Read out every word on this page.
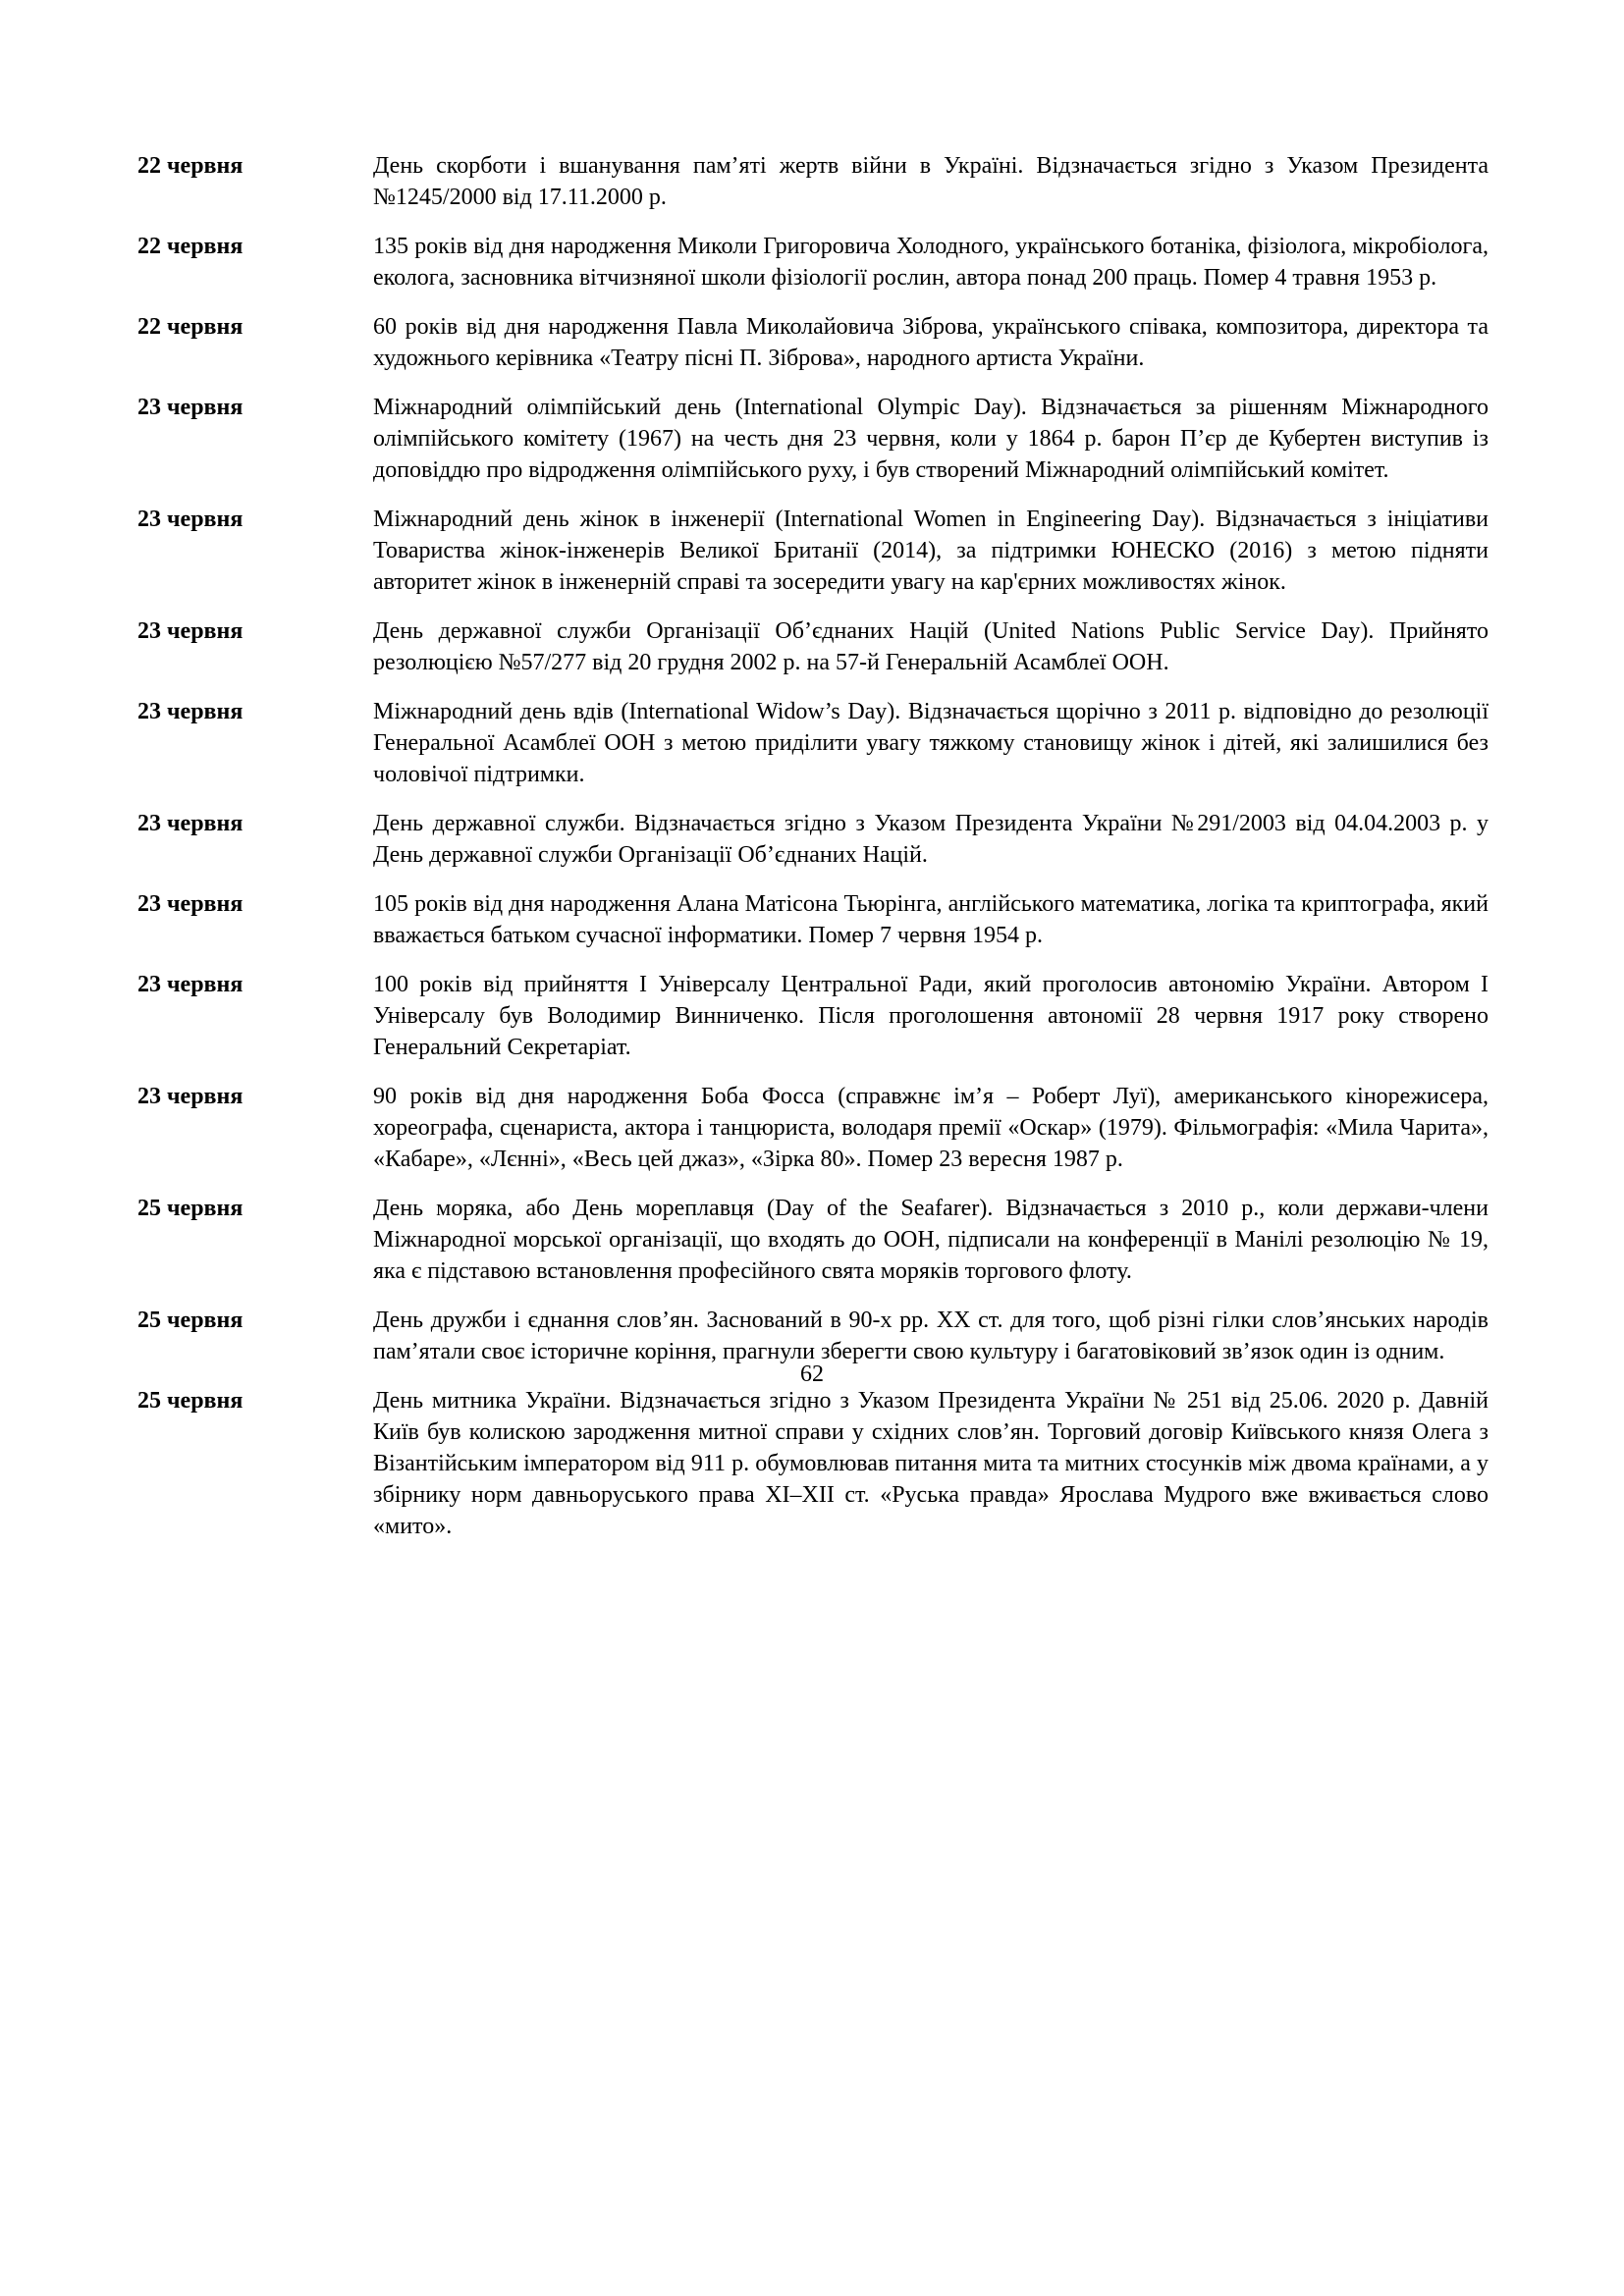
22 червня	День скорботи і вшанування пам’яті жертв війни в Україні. Відзначається згідно з Указом Президента №1245/2000 від 17.11.2000 р.
22 червня	135 років від дня народження Миколи Григоровича Холодного, українського ботаніка, фізіолога, мікробіолога, еколога, засновника вітчизняної школи фізіології рослин, автора понад 200 праць. Помер 4 травня 1953 р.
22 червня	60 років від дня народження Павла Миколайовича Зіброва, українського співака, композитора, директора та художнього керівника «Театру пісні П. Зіброва», народного артиста України.
23 червня	Міжнародний олімпійський день (International Olympic Day). Відзначається за рішенням Міжнародного олімпійського комітету (1967) на честь дня 23 червня, коли у 1864 р. барон П’єр де Кубертен виступив із доповіддю про відродження олімпійського руху, і був створений Міжнародний олімпійський комітет.
23 червня	Міжнародний день жінок в інженерії (International Women in Engineering Day). Відзначається з ініціативи Товариства жінок-інженерів Великої Британії (2014), за підтримки ЮНЕСКО (2016) з метою підняти авторитет жінок в інженерній справі та зосередити увагу на кар'єрних можливостях жінок.
23 червня	День державної служби Організації Об’єднаних Націй (United Nations Public Service Day). Прийнято резолюцією №57/277 від 20 грудня 2002 р. на 57-й Генеральній Асамблеї ООН.
23 червня	Міжнародний день вдів (International Widow’s Day). Відзначається щорічно з 2011 р. відповідно до резолюції Генеральної Асамблеї ООН з метою приділити увагу тяжкому становищу жінок і дітей, які залишилися без чоловічої підтримки.
23 червня	День державної служби. Відзначається згідно з Указом Президента України №291/2003 від 04.04.2003 р. у День державної служби Організації Об’єднаних Націй.
23 червня	105 років від дня народження Алана Матісона Тьюрінга, англійського математика, логіка та криптографа, який вважається батьком сучасної інформатики. Помер 7 червня 1954 р.
23 червня	100 років від прийняття І Універсалу Центральної Ради, який проголосив автономію України. Автором І Універсалу був Володимир Винниченко. Після проголошення автономії 28 червня 1917 року створено Генеральний Секретаріат.
23 червня	90 років від дня народження Боба Фосса (справжнє ім’я – Роберт Луї), американського кінорежисера, хореографа, сценариста, актора і танцюриста, володаря премії «Оскар» (1979). Фільмографія: «Мила Чарита», «Кабаре», «Лєнні», «Весь цей джаз», «Зірка 80». Помер 23 вересня 1987 р.
25 червня	День моряка, або День мореплавця (Day of the Seafarer). Відзначається з 2010 р., коли держави-члени Міжнародної морської організації, що входять до ООН, підписали на конференції в Манілі резолюцію № 19, яка є підставою встановлення професійного свята моряків торгового флоту.
25 червня	День дружби і єднання слов’ян. Заснований в 90-х рр. XX ст. для того, щоб різні гілки слов’янських народів пам’ятали своє історичне коріння, прагнули зберегти свою культуру і багатовіковий зв’язок один із одним.
25 червня	День митника України. Відзначається згідно з Указом Президента України № 251 від 25.06. 2020 р. Давній Київ був колискою зародження митної справи у східних слов’ян. Торговий договір Київського князя Олега з Візантійським імператором від 911 р. обумовлював питання мита та митних стосунків між двома країнами, а у збірнику норм давньоруського права XI–XII ст. «Руська правда» Ярослава Мудрого вже вживається слово «мито».
62
